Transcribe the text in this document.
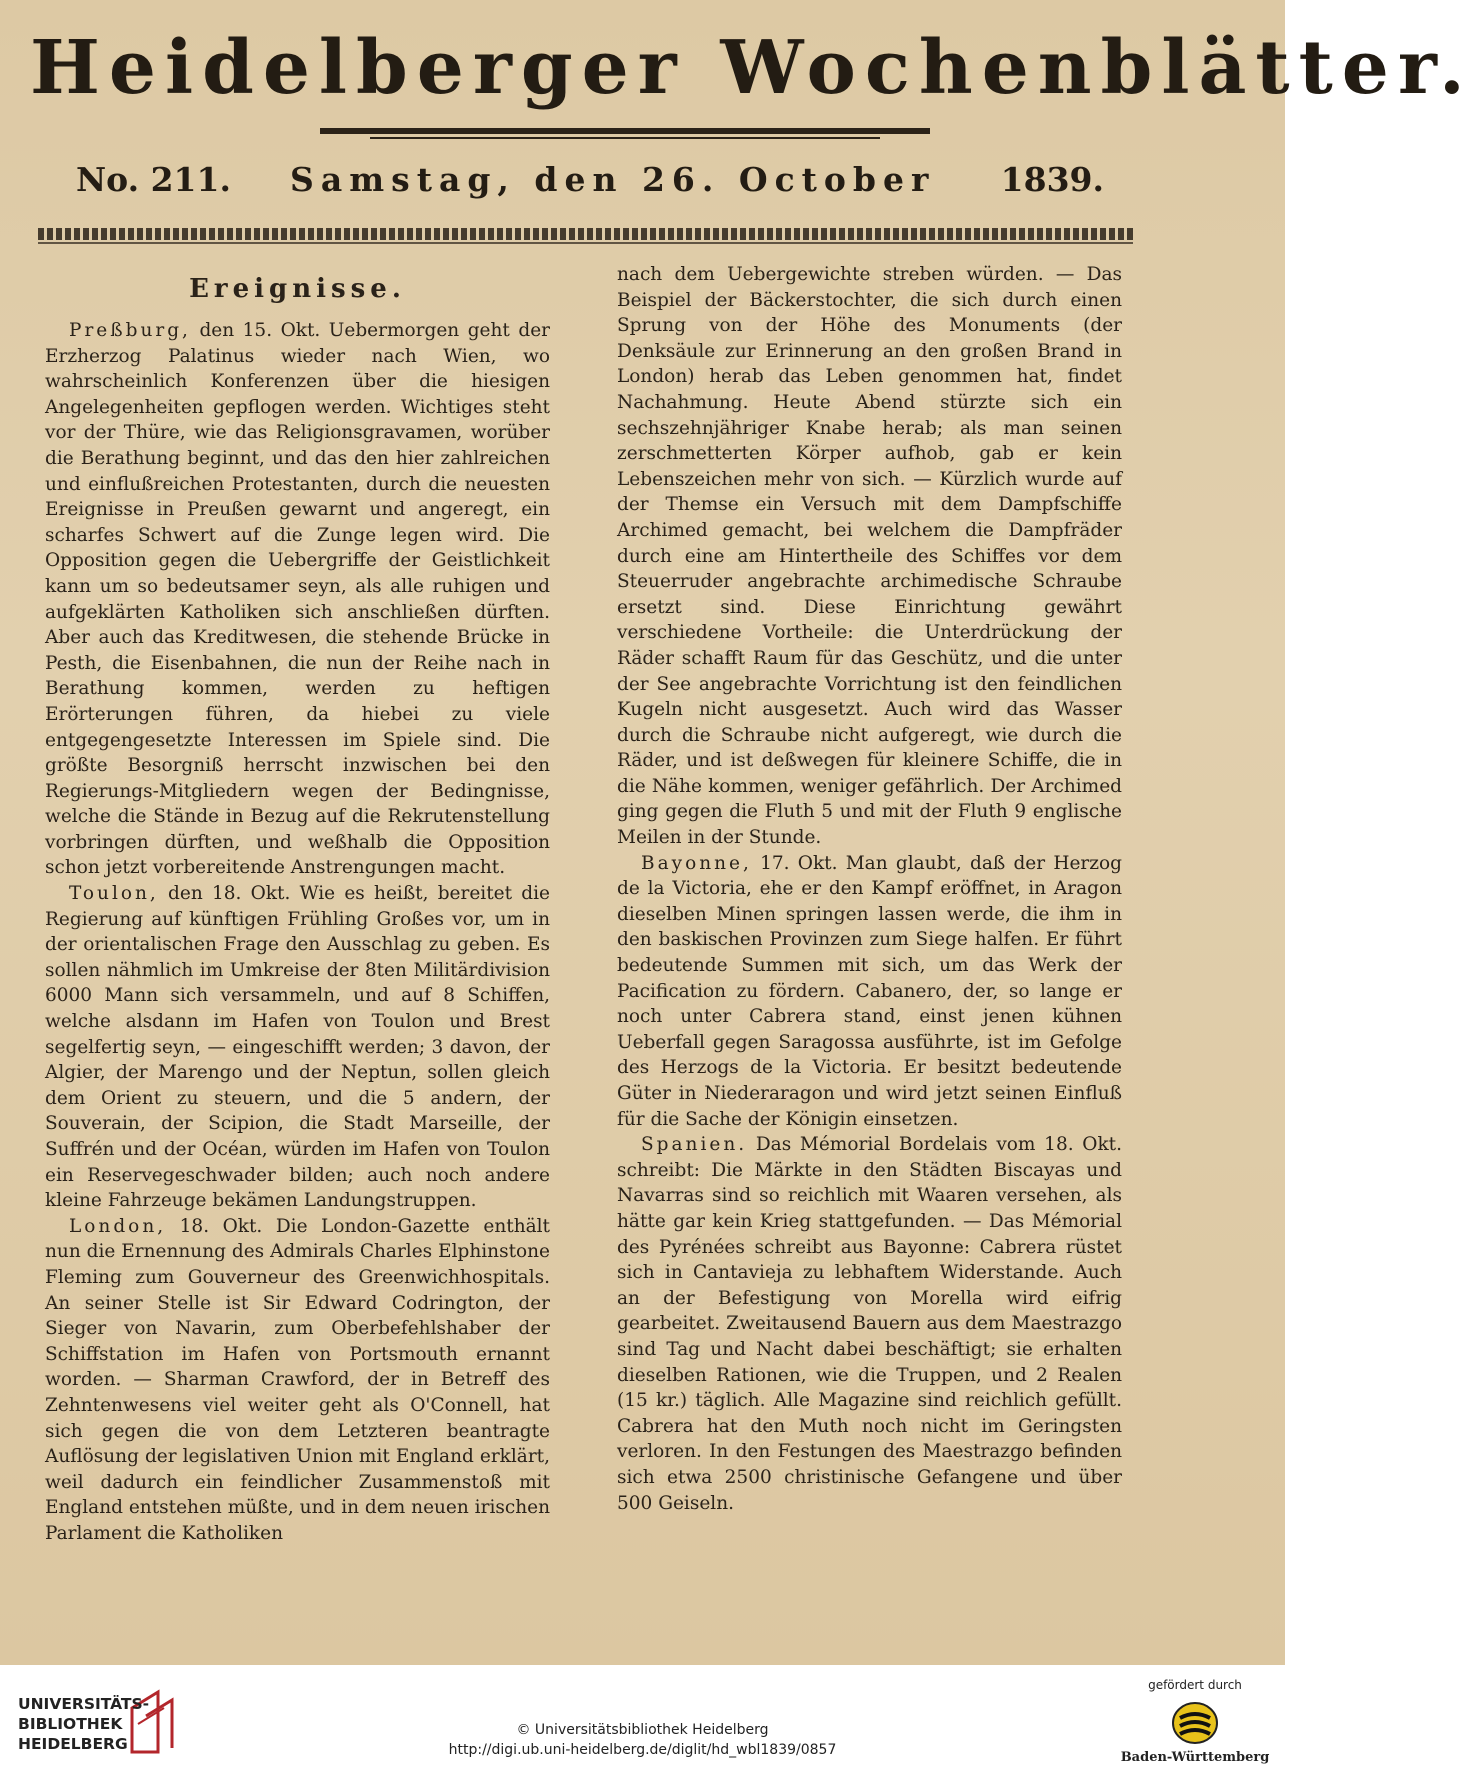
Heidelberger Wochenblätter.
No. 211. Samstag, den 26. October 1839.
Ereignisse.

Preßburg, den 15. Okt. Uebermorgen geht der Erzherzog Palatinus wieder nach Wien, wo wahrscheinlich Konferenzen über die hiesigen Angelegenheiten gepflogen werden. Wichtiges steht vor der Thüre, wie das Religionsgravamen, worüber die Berathung beginnt, und das den hier zahlreichen und einflußreichen Protestanten, durch die neuesten Ereignisse in Preußen gewarnt und angeregt, ein scharfes Schwert auf die Zunge legen wird. Die Opposition gegen die Uebergriffe der Geistlichkeit kann um so bedeutsamer seyn, als alle ruhigen und aufgeklärten Katholiken sich anschließen dürften. Aber auch das Kreditwesen, die stehende Brücke in Pesth, die Eisenbahnen, die nun der Reihe nach in Berathung kommen, werden zu heftigen Erörterungen führen, da hiebei zu viele entgegengesetzte Interessen im Spiele sind. Die größte Besorgniß herrscht inzwischen bei den Regierungs-Mitgliedern wegen der Bedingnisse, welche die Stände in Bezug auf die Rekrutenstellung vorbringen dürften, und weßhalb die Opposition schon jetzt vorbereitende Anstrengungen macht.

Toulon, den 18. Okt. Wie es heißt, bereitet die Regierung auf künftigen Frühling Großes vor, um in der orientalischen Frage den Ausschlag zu geben. Es sollen nähmlich im Umkreise der 8ten Militärdivision 6000 Mann sich versammeln, und auf 8 Schiffen, welche alsdann im Hafen von Toulon und Brest segelfertig seyn, — eingeschifft werden; 3 davon, der Algier, der Marengo und der Neptun, sollen gleich dem Orient zu steuern, und die 5 andern, der Souverain, der Scipion, die Stadt Marseille, der Suffrén und der Océan, würden im Hafen von Toulon ein Reservegeschwader bilden; auch noch andere kleine Fahrzeuge bekämen Landungstruppen.

London, 18. Okt. Die London-Gazette enthält nun die Ernennung des Admirals Charles Elphinstone Fleming zum Gouverneur des Greenwichhospitals. An seiner Stelle ist Sir Edward Codrington, der Sieger von Navarin, zum Oberbefehlshaber der Schiffstation im Hafen von Portsmouth ernannt worden. — Sharman Crawford, der in Betreff des Zehntenwesens viel weiter geht als O'Connell, hat sich gegen die von dem Letzteren beantragte Auflösung der legislativen Union mit England erklärt, weil dadurch ein feindlicher Zusammenstoß mit England entstehen müßte, und in dem neuen irischen Parlament die Katholiken

nach dem Uebergewichte streben würden. — Das Beispiel der Bäckerstochter, die sich durch einen Sprung von der Höhe des Monuments (der Denksäule zur Erinnerung an den großen Brand in London) herab das Leben genommen hat, findet Nachahmung. Heute Abend stürzte sich ein sechszehnjähriger Knabe herab; als man seinen zerschmetterten Körper aufhob, gab er kein Lebenszeichen mehr von sich. — Kürzlich wurde auf der Themse ein Versuch mit dem Dampfschiffe Archimed gemacht, bei welchem die Dampfräder durch eine am Hintertheile des Schiffes vor dem Steuerruder angebrachte archimedische Schraube ersetzt sind. Diese Einrichtung gewährt verschiedene Vortheile: die Unterdrückung der Räder schafft Raum für das Geschütz, und die unter der See angebrachte Vorrichtung ist den feindlichen Kugeln nicht ausgesetzt. Auch wird das Wasser durch die Schraube nicht aufgeregt, wie durch die Räder, und ist deßwegen für kleinere Schiffe, die in die Nähe kommen, weniger gefährlich. Der Archimed ging gegen die Fluth 5 und mit der Fluth 9 englische Meilen in der Stunde.

Bayonne, 17. Okt. Man glaubt, daß der Herzog de la Victoria, ehe er den Kampf eröffnet, in Aragon dieselben Minen springen lassen werde, die ihm in den baskischen Provinzen zum Siege halfen. Er führt bedeutende Summen mit sich, um das Werk der Pacification zu fördern. Cabanero, der, so lange er noch unter Cabrera stand, einst jenen kühnen Ueberfall gegen Saragossa ausführte, ist im Gefolge des Herzogs de la Victoria. Er besitzt bedeutende Güter in Niederaragon und wird jetzt seinen Einfluß für die Sache der Königin einsetzen.

Spanien. Das Mémorial Bordelais vom 18. Okt. schreibt: Die Märkte in den Städten Biscayas und Navarras sind so reichlich mit Waaren versehen, als hätte gar kein Krieg stattgefunden. — Das Mémorial des Pyrénées schreibt aus Bayonne: Cabrera rüstet sich in Cantavieja zu lebhaftem Widerstande. Auch an der Befestigung von Morella wird eifrig gearbeitet. Zweitausend Bauern aus dem Maestrazgo sind Tag und Nacht dabei beschäftigt; sie erhalten dieselben Rationen, wie die Truppen, und 2 Realen (15 kr.) täglich. Alle Magazine sind reichlich gefüllt. Cabrera hat den Muth noch nicht im Geringsten verloren. In den Festungen des Maestrazgo befinden sich etwa 2500 christinische Gefangene und über 500 Geiseln.

UNIVERSITÄTS-
BIBLIOTHEK
HEIDELBERG
© Universitätsbibliothek Heidelberg
http://digi.ub.uni-heidelberg.de/diglit/hd_wbl1839/0857
gefördert durch
Baden-Württemberg
